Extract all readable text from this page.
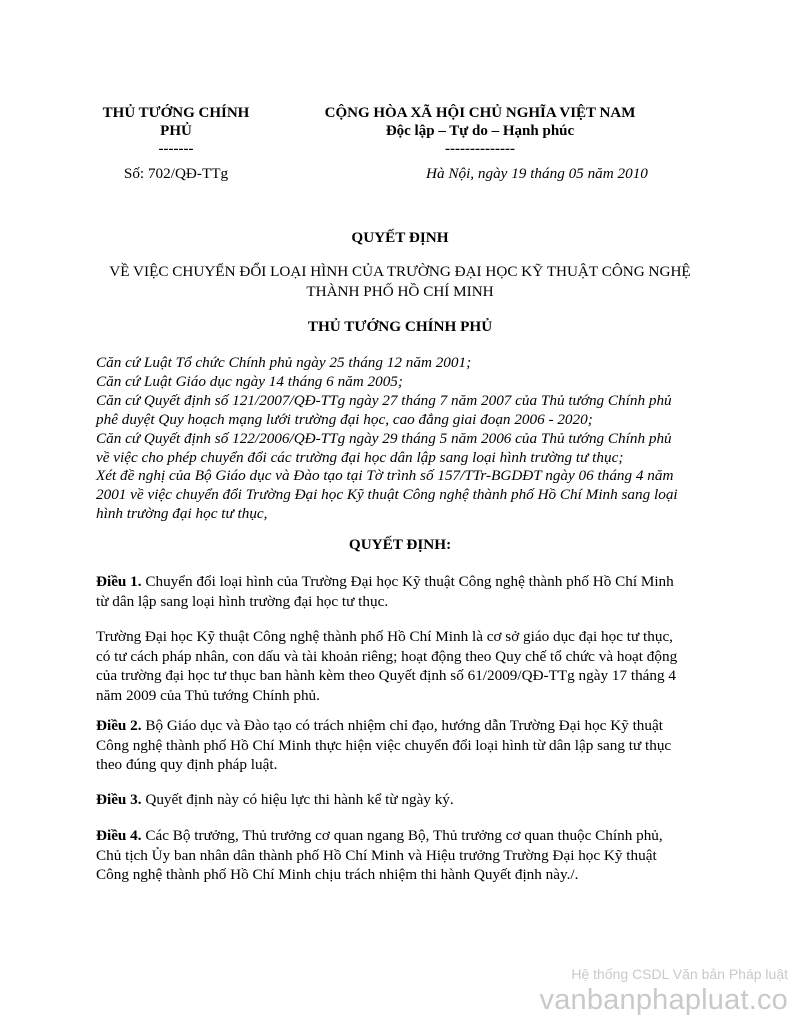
THỦ TƯỚNG CHÍNH
PHỦ
-------
CỘNG HÒA XÃ HỘI CHỦ NGHĨA VIỆT NAM
Độc lập – Tự do – Hạnh phúc
--------------
Số: 702/QĐ-TTg	Hà Nội, ngày 19 tháng 05 năm 2010
QUYẾT ĐỊNH
VỀ VIỆC CHUYỂN ĐỔI LOẠI HÌNH CỦA TRƯỜNG ĐẠI HỌC KỸ THUẬT CÔNG NGHỆ
THÀNH PHỐ HỒ CHÍ MINH
THỦ TƯỚNG CHÍNH PHỦ
Căn cứ Luật Tổ chức Chính phủ ngày 25 tháng 12 năm 2001;
Căn cứ Luật Giáo dục ngày 14 tháng 6 năm 2005;
Căn cứ Quyết định số 121/2007/QĐ-TTg ngày 27 tháng 7 năm 2007 của Thủ tướng Chính phủ
phê duyệt Quy hoạch mạng lưới trường đại học, cao đẳng giai đoạn 2006 - 2020;
Căn cứ Quyết định số 122/2006/QĐ-TTg ngày 29 tháng 5 năm 2006 của Thủ tướng Chính phủ
về việc cho phép chuyển đổi các trường đại học dân lập sang loại hình trường tư thục;
Xét đề nghị của Bộ Giáo dục và Đào tạo tại Tờ trình số 157/TTr-BGDĐT ngày 06 tháng 4 năm
2001 về việc chuyển đổi Trường Đại học Kỹ thuật Công nghệ thành phố Hồ Chí Minh sang loại
hình trường đại học tư thục,
QUYẾT ĐỊNH:
Điều 1. Chuyển đổi loại hình của Trường Đại học Kỹ thuật Công nghệ thành phố Hồ Chí Minh
từ dân lập sang loại hình trường đại học tư thục.
Trường Đại học Kỹ thuật Công nghệ thành phố Hồ Chí Minh là cơ sở giáo dục đại học tư thục,
có tư cách pháp nhân, con dấu và tài khoản riêng; hoạt động theo Quy chế tổ chức và hoạt động
của trường đại học tư thục ban hành kèm theo Quyết định số 61/2009/QĐ-TTg ngày 17 tháng 4
năm 2009 của Thủ tướng Chính phủ.
Điều 2. Bộ Giáo dục và Đào tạo có trách nhiệm chỉ đạo, hướng dẫn Trường Đại học Kỹ thuật
Công nghệ thành phố Hồ Chí Minh thực hiện việc chuyển đổi loại hình từ dân lập sang tư thục
theo đúng quy định pháp luật.
Điều 3. Quyết định này có hiệu lực thi hành kể từ ngày ký.
Điều 4. Các Bộ trưởng, Thủ trưởng cơ quan ngang Bộ, Thủ trưởng cơ quan thuộc Chính phủ,
Chủ tịch Ủy ban nhân dân thành phố Hồ Chí Minh và Hiệu trưởng Trường Đại học Kỹ thuật
Công nghệ thành phố Hồ Chí Minh chịu trách nhiệm thi hành Quyết định này./.
Hệ thống CSDL Văn bản Pháp luật
vanbanphapluat.co
